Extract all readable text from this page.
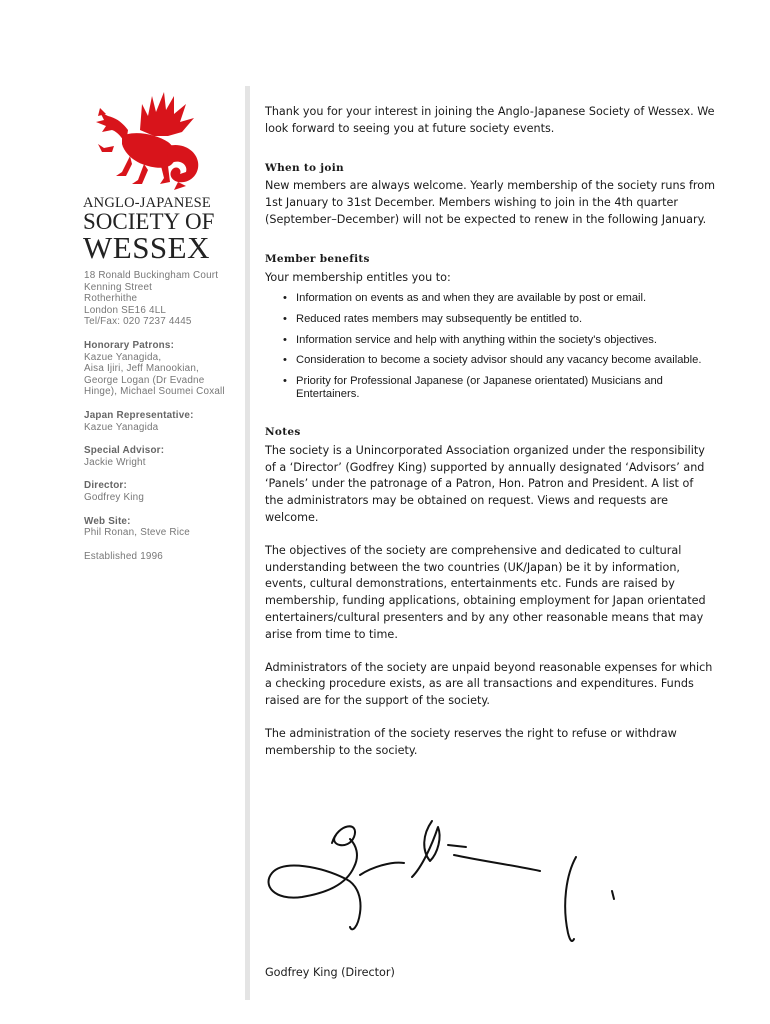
ANGLO-JAPANESE
SOCIETY OF
WESSEX
18 Ronald Buckingham Court
Kenning Street
Rotherhithe
London SE16 4LL
Tel/Fax: 020 7237 4445
Honorary Patrons:
Kazue Yanagida,
Aisa Ijiri, Jeff Manookian,
George Logan (Dr Evadne
Hinge), Michael Soumei Coxall
Japan Representative:
Kazue Yanagida
Special Advisor:
Jackie Wright
Director:
Godfrey King
Web Site:
Phil Ronan, Steve Rice
Established 1996

Thank you for your interest in joining the Anglo-Japanese Society of Wessex. We look forward to seeing you at future society events.

When to join

New members are always welcome. Yearly membership of the society runs from 1st January to 31st December. Members wishing to join in the 4th quarter (September–December) will not be expected to renew in the following January.

Member benefits

Your membership entitles you to:

• Information on events as and when they are available by post or email.
• Reduced rates members may subsequently be entitled to.
• Information service and help with anything within the society's objectives.
• Consideration to become a society advisor should any vacancy become available.
• Priority for Professional Japanese (or Japanese orientated) Musicians and Entertainers.

Notes

The society is a Unincorporated Association organized under the responsibility of a ‘Director’ (Godfrey King) supported by annually designated ‘Advisors’ and ‘Panels’ under the patronage of a Patron, Hon. Patron and President. A list of the administrators may be obtained on request. Views and requests are welcome.

The objectives of the society are comprehensive and dedicated to cultural understanding between the two countries (UK/Japan) be it by information, events, cultural demonstrations, entertainments etc. Funds are raised by membership, funding applications, obtaining employment for Japan orientated entertainers/cultural presenters and by any other reasonable means that may arise from time to time.

Administrators of the society are unpaid beyond reasonable expenses for which a checking procedure exists, as are all transactions and expenditures. Funds raised are for the support of the society.

The administration of the society reserves the right to refuse or withdraw membership to the society.

Godfrey King (Director)
